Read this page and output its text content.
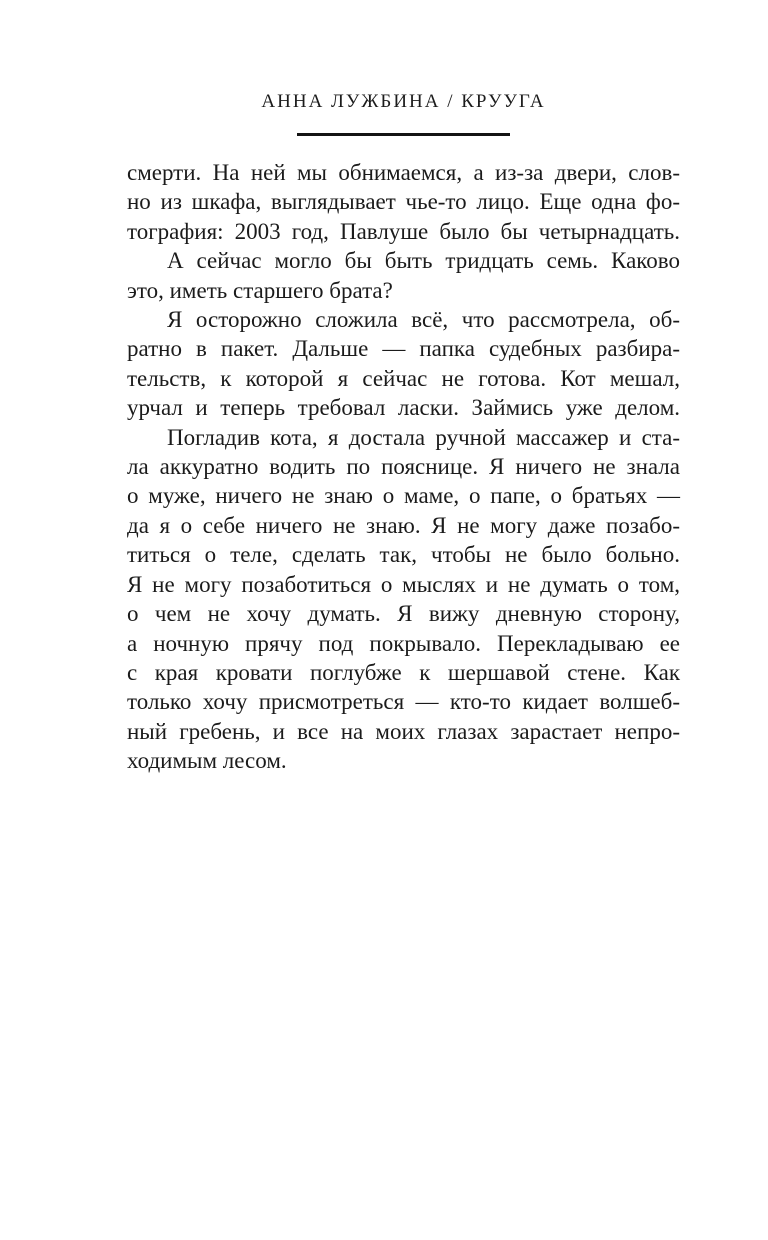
АННА ЛУЖБИНА / КРУУГА
смерти. На ней мы обнимаемся, а из-за двери, слов-
но из шкафа, выглядывает чье-то лицо. Еще одна фо-
тография: 2003 год, Павлуше было бы четырнадцать.
А сейчас могло бы быть тридцать семь. Каково
это, иметь старшего брата?
Я осторожно сложила всё, что рассмотрела, об-
ратно в пакет. Дальше — папка судебных разбира-
тельств, к которой я сейчас не готова. Кот мешал,
урчал и теперь требовал ласки. Займись уже делом.
Погладив кота, я достала ручной массажер и ста-
ла аккуратно водить по пояснице. Я ничего не знала
о муже, ничего не знаю о маме, о папе, о братьях —
да я о себе ничего не знаю. Я не могу даже позабо-
титься о теле, сделать так, чтобы не было больно.
Я не могу позаботиться о мыслях и не думать о том,
о чем не хочу думать. Я вижу дневную сторону,
а ночную прячу под покрывало. Перекладываю ее
с края кровати поглубже к шершавой стене. Как
только хочу присмотреться — кто-то кидает волшеб-
ный гребень, и все на моих глазах зарастает непро-
ходимым лесом.
